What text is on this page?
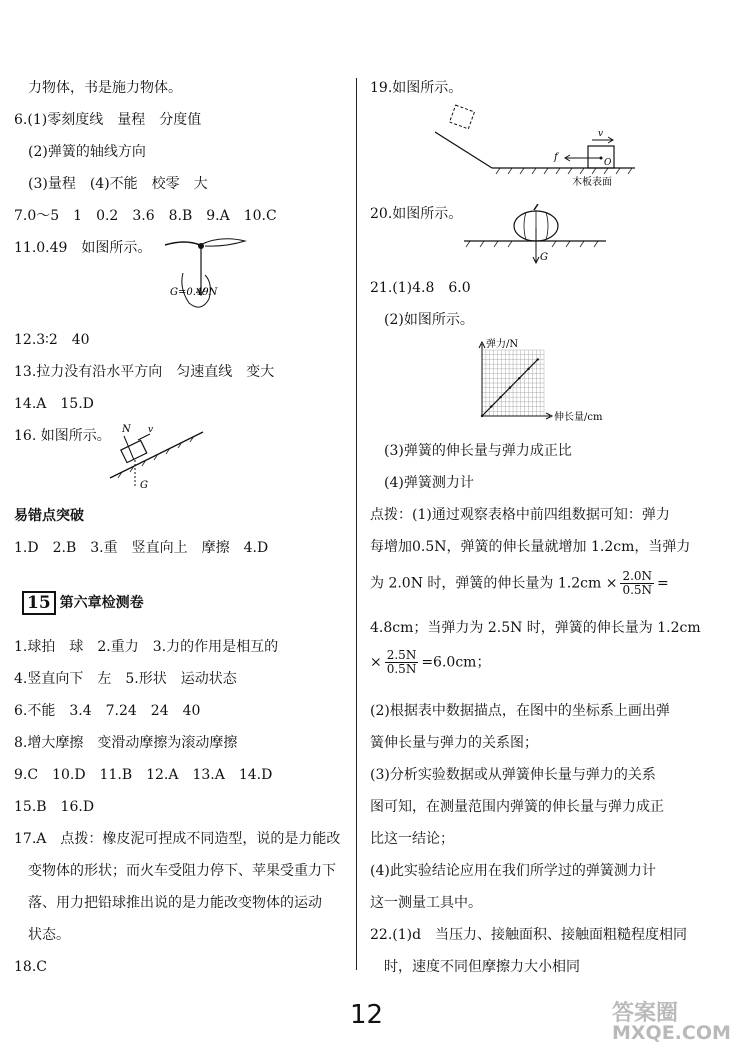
力物体，书是施力物体。
6.(1)零刻度线　量程　分度值
(2)弹簧的轴线方向
(3)量程　(4)不能　校零　大
7.0～5　1　0.2　3.6　8.B　9.A　10.C
11.0.49　如图所示。
G=0.49N
12.3∶2　40
13.拉力没有沿水平方向　匀速直线　变大
14.A　15.D
16. 如图所示。 N v
G
易错点突破
1.D　2.B　3.重　竖直向上　摩擦　4.D
15 第六章检测卷
1.球拍　球　2.重力　3.力的作用是相互的
4.竖直向下　左　5.形状　运动状态
6.不能　3.4　7.24　24　40
8.增大摩擦　变滑动摩擦为滚动摩擦
9.C　10.D　11.B　12.A　13.A　14.D
15.B　16.D
17.A　点拨：橡皮泥可捏成不同造型，说的是力能改
变物体的形状；而火车受阻力停下、苹果受重力下
落、用力把铅球推出说的是力能改变物体的运动
状态。
18.C
19.如图所示。
v
f	O
木板表面
20.如图所示。
G
21.(1)4.8　6.0
(2)如图所示。
弹力/N
伸长量/cm
(3)弹簧的伸长量与弹力成正比
(4)弹簧测力计
点拨：(1)通过观察表格中前四组数据可知：弹力
每增加0.5N，弹簧的伸长量就增加 1.2cm，当弹力
为 2.0N 时，弹簧的伸长量为 $1.2cm \times \frac{2.0N}{0.5N}$ =
4.8cm；当弹力为 2.5N 时，弹簧的伸长量为 1.2cm
× $\frac{2.5N}{0.5N} =6.0cm$；
(2)根据表中数据描点，在图中的坐标系上画出弹
簧伸长量与弹力的关系图；
(3)分析实验数据或从弹簧伸长量与弹力的关系
图可知，在测量范围内弹簧的伸长量与弹力成正
比这一结论；
(4)此实验结论应用在我们所学过的弹簧测力计
这一测量工具中。
22.(1)d　当压力、接触面积、接触面粗糙程度相同
时，速度不同但摩擦力大小相同
12	答案圈
MXQE.COM
